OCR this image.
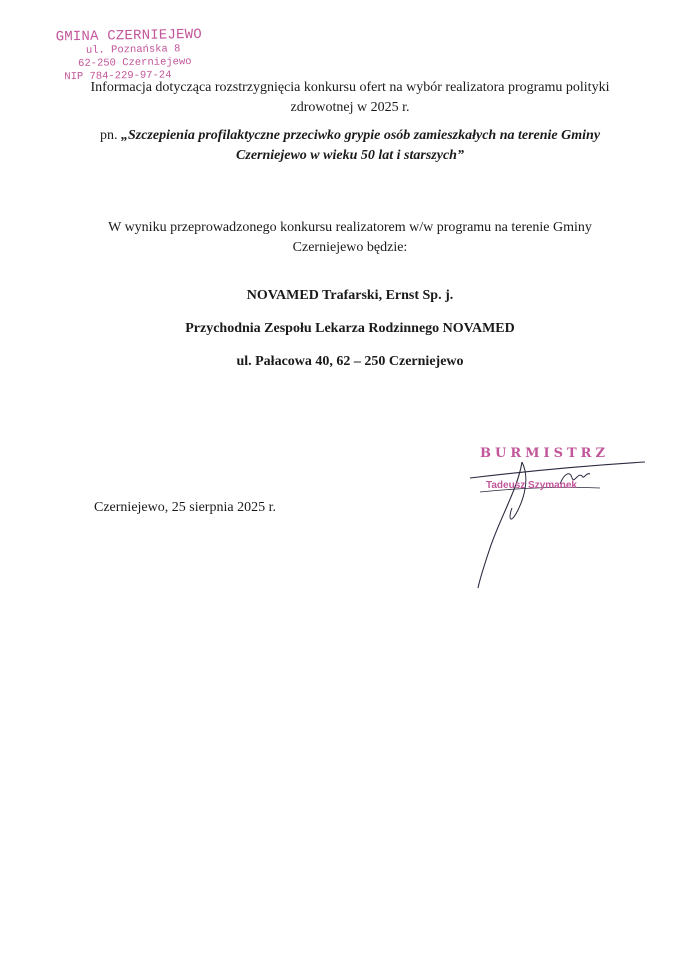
GMINA CZERNIEJEWO
ul. Poznańska 8
62-250 Czerniejewo
NIP 784-229-97-24
Informacja dotycząca rozstrzygnięcia konkursu ofert na wybór realizatora programu polityki
zdrowotnej w 2025 r.
pn. „Szczepienia profilaktyczne przeciwko grypie osób zamieszkałych na terenie Gminy
Czerniejewo w wieku 50 lat i starszych”
W wyniku przeprowadzonego konkursu realizatorem w/w programu na terenie Gminy
Czerniejewo będzie:
NOVAMED Trafarski, Ernst Sp. j.
Przychodnia Zespołu Lekarza Rodzinnego NOVAMED
ul. Pałacowa 40, 62 – 250 Czerniejewo
BURMISTRZ
Tadeusz Szymanek
Czerniejewo, 25 sierpnia 2025 r.
